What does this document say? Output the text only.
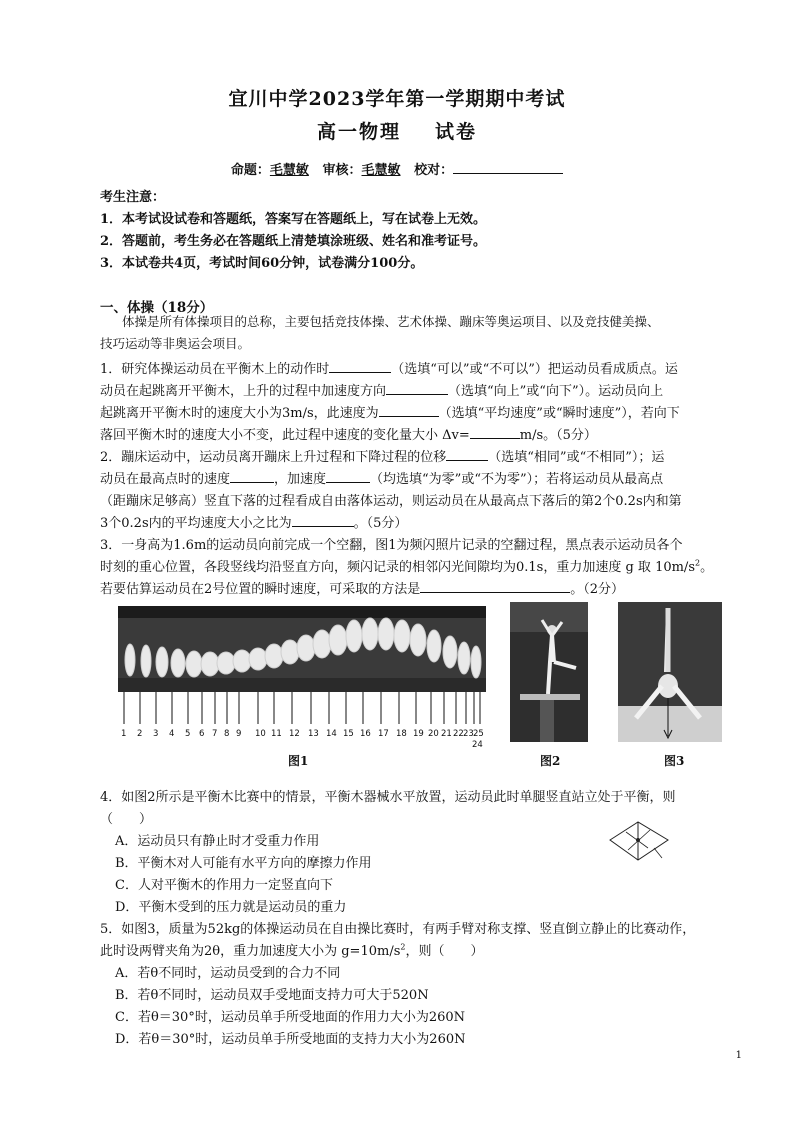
宜川中学2023学年第一学期期中考试
高一物理 试卷
命题：毛慧敏 审核：毛慧敏 校对：
考生注意：
1．本考试设试卷和答题纸，答案写在答题纸上，写在试卷上无效。
2．答题前，考生务必在答题纸上清楚填涂班级、姓名和准考证号。
3．本试卷共4页，考试时间60分钟，试卷满分100分。
一、体操（18分）
体操是所有体操项目的总称，主要包括竞技体操、艺术体操、蹦床等奥运项目、以及竞技健美操、
技巧运动等非奥运会项目。
1．研究体操运动员在平衡木上的动作时	（选填“可以”或“不可以”）把运动员看成质点。运
动员在起跳离开平衡木，上升的过程中加速度方向	（选填“向上”或“向下”）。运动员向上
起跳离开平衡木时的速度大小为3m/s，此速度为	（选填“平均速度”或“瞬时速度”），若向下
落回平衡木时的速度大小不变，此过程中速度的变化量大小 Δv=	m/s。（5分）
2．蹦床运动中，运动员离开蹦床上升过程和下降过程的位移	（选填“相同”或“不相同”）；运
动员在最高点时的速度	，加速度	（均选填“为零”或“不为零”）；若将运动员从最高点
（距蹦床足够高）竖直下落的过程看成自由落体运动，则运动员在从最高点下落后的第2个0.2s内和第
3个0.2s内的平均速度大小之比为	。（5分）
3．一身高为1.6m的运动员向前完成一个空翻，图1为频闪照片记录的空翻过程，黑点表示运动员各个
时刻的重心位置，各段竖线均沿竖直方向，频闪记录的相邻闪光间隙均为0.1s，重力加速度 g 取 $10m/s^2$。
若要估算运动员在2号位置的瞬时速度，可采取的方法是	。（2分）
1 2 3 4 5 6 7 8 9 10 11 12 13 14 15 16 17 18 19 20 21 22 23 25
24
图1	图2	图3
4．如图2所示是平衡木比赛中的情景，平衡木器械水平放置，运动员此时单腿竖直站立处于平衡，则
（　　）
A．运动员只有静止时才受重力作用
B．平衡木对人可能有水平方向的摩擦力作用
C．人对平衡木的作用力一定竖直向下
D．平衡木受到的压力就是运动员的重力
5．如图3，质量为52kg的体操运动员在自由操比赛时，有两手臂对称支撑、竖直倒立静止的比赛动作，
此时设两臂夹角为2θ，重力加速度大小为 $g=10m/s^2$，则（　　）
A．若θ不同时，运动员受到的合力不同
B．若θ不同时，运动员双手受地面支持力可大于520N
C．若θ＝30°时，运动员单手所受地面的作用力大小为260N
D．若θ＝30°时，运动员单手所受地面的支持力大小为260N
1
